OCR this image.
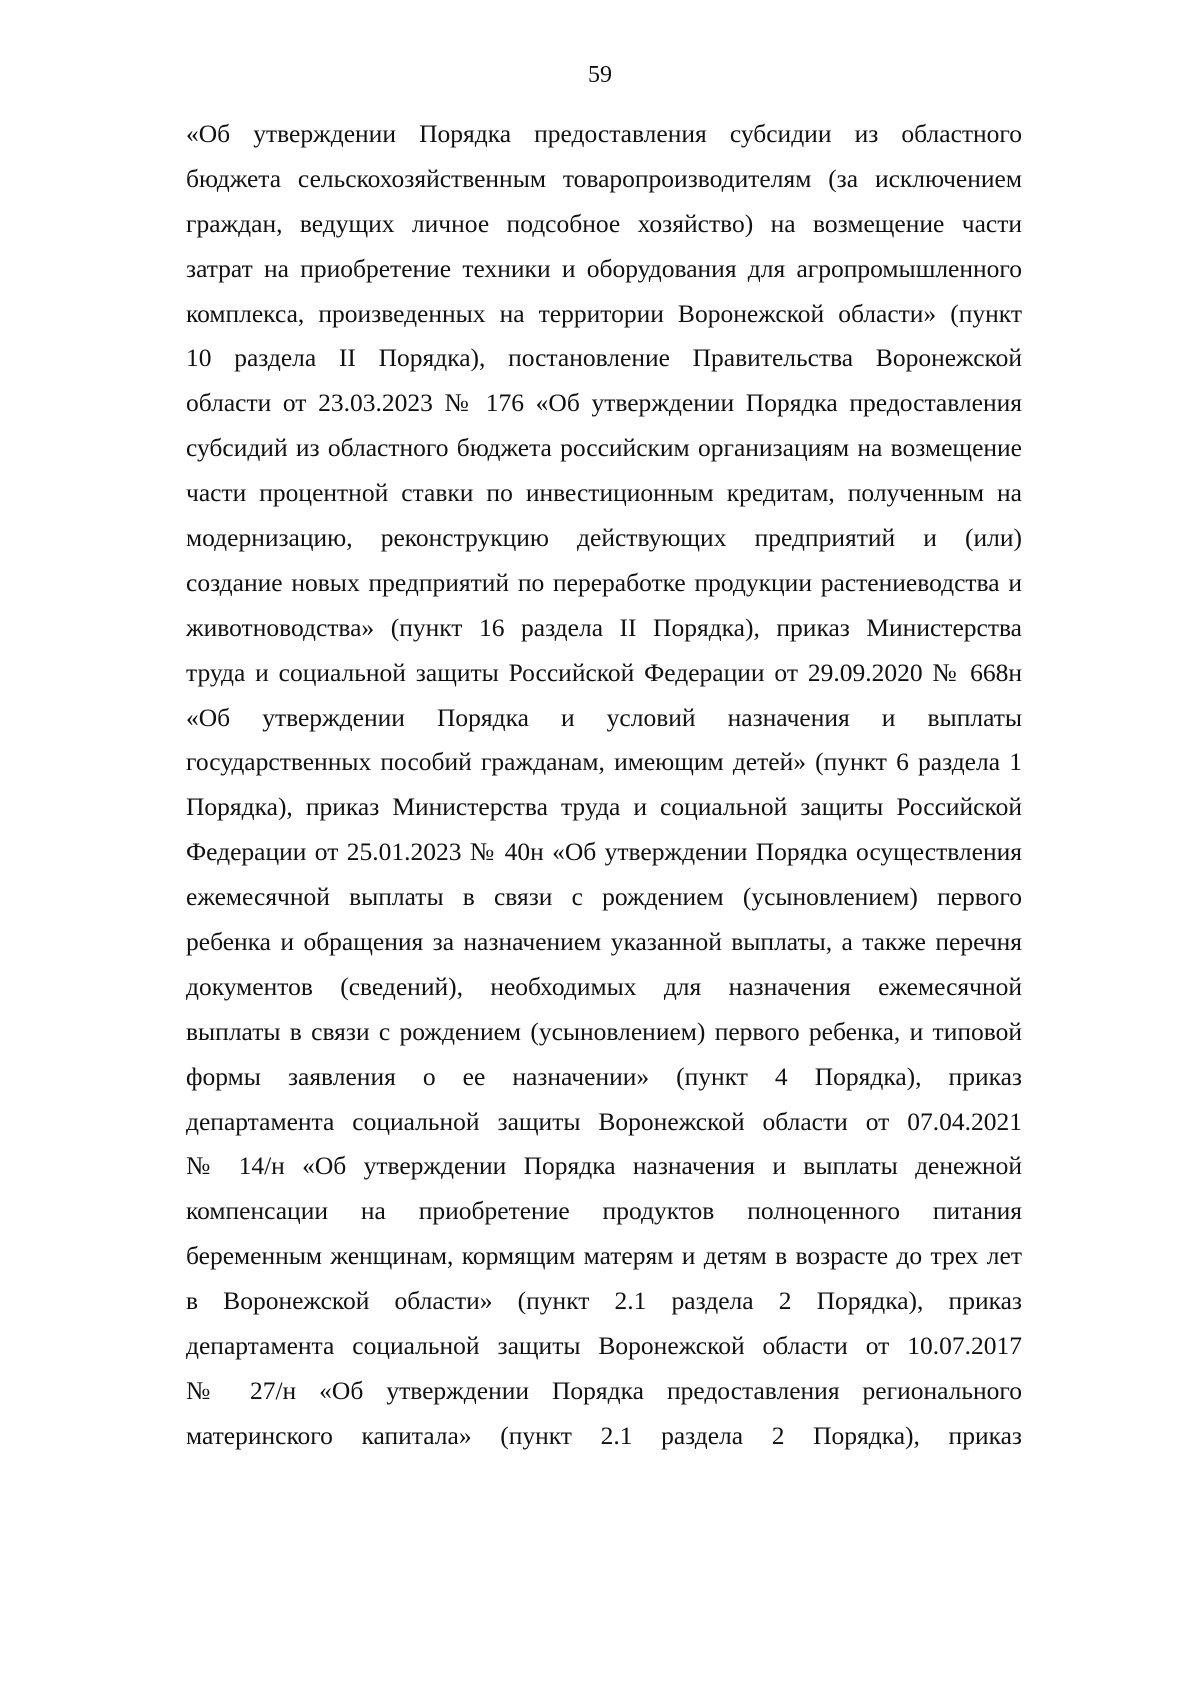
59
«Об утверждении Порядка предоставления субсидии из областного
бюджета сельскохозяйственным товаропроизводителям (за исключением
граждан, ведущих личное подсобное хозяйство) на возмещение части
затрат на приобретение техники и оборудования для агропромышленного
комплекса, произведенных на территории Воронежской области» (пункт
10 раздела II Порядка), постановление Правительства Воронежской
области от 23.03.2023 № 176 «Об утверждении Порядка предоставления
субсидий из областного бюджета российским организациям на возмещение
части процентной ставки по инвестиционным кредитам, полученным на
модернизацию, реконструкцию действующих предприятий и (или)
создание новых предприятий по переработке продукции растениеводства и
животноводства» (пункт 16 раздела II Порядка), приказ Министерства
труда и социальной защиты Российской Федерации от 29.09.2020 № 668н
«Об утверждении Порядка и условий назначения и выплаты
государственных пособий гражданам, имеющим детей» (пункт 6 раздела 1
Порядка), приказ Министерства труда и социальной защиты Российской
Федерации от 25.01.2023 № 40н «Об утверждении Порядка осуществления
ежемесячной выплаты в связи с рождением (усыновлением) первого
ребенка и обращения за назначением указанной выплаты, а также перечня
документов (сведений), необходимых для назначения ежемесячной
выплаты в связи с рождением (усыновлением) первого ребенка, и типовой
формы заявления о ее назначении» (пункт 4 Порядка), приказ
департамента социальной защиты Воронежской области от 07.04.2021
№ 14/н «Об утверждении Порядка назначения и выплаты денежной
компенсации на приобретение продуктов полноценного питания
беременным женщинам, кормящим матерям и детям в возрасте до трех лет
в Воронежской области» (пункт 2.1 раздела 2 Порядка), приказ
департамента социальной защиты Воронежской области от 10.07.2017
№ 27/н «Об утверждении Порядка предоставления регионального
материнского капитала» (пункт 2.1 раздела 2 Порядка), приказ
